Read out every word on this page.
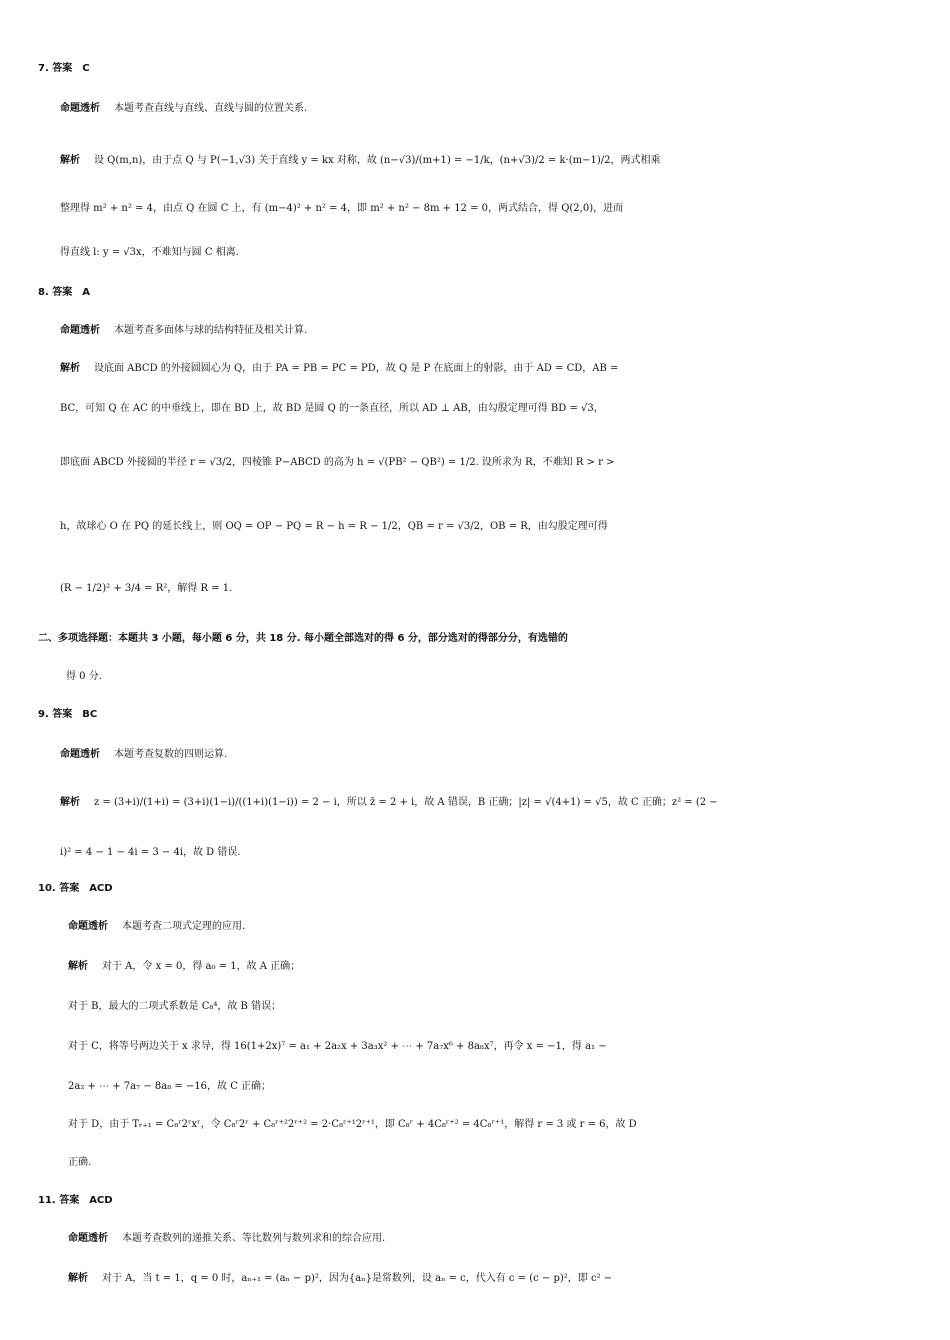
7. 答案　C
命题透析 本题考查直线与直线、直线与圆的位置关系.
解析 设 Q(m,n)，由于点 Q 与 P(−1,√3) 关于直线 y = kx 对称，故 (n−√3)/(m+1) = −1/k，(n+√3)/2 = k·(m−1)/2，两式相乘
整理得 m² + n² = 4，由点 Q 在圆 C 上，有 (m−4)² + n² = 4，即 m² + n² − 8m + 12 = 0，两式结合，得 Q(2,0)，进而
得直线 l: y = √3x，不难知与圆 C 相离.
8. 答案　A
命题透析 本题考查多面体与球的结构特征及相关计算.
解析 设底面 ABCD 的外接圆圆心为 Q，由于 PA = PB = PC = PD，故 Q 是 P 在底面上的射影，由于 AD = CD，AB =
BC，可知 Q 在 AC 的中垂线上，即在 BD 上，故 BD 是圆 Q 的一条直径，所以 AD ⊥ AB，由勾股定理可得 BD = √3，
即底面 ABCD 外接圆的半径 r = √3/2，四棱锥 P−ABCD 的高为 h = √(PB² − QB²) = 1/2. 设所求为 R，不难知 R > r >
h，故球心 O 在 PQ 的延长线上，则 OQ = OP − PQ = R − h = R − 1/2，QB = r = √3/2，OB = R，由勾股定理可得
(R − 1/2)² + 3/4 = R²，解得 R = 1.
二、多项选择题：本题共 3 小题，每小题 6 分，共 18 分. 每小题全部选对的得 6 分，部分选对的得部分分，有选错的
得 0 分.
9. 答案　BC
命题透析 本题考查复数的四则运算.
解析 z = (3+i)/(1+i) = (3+i)(1−i)/((1+i)(1−i)) = 2 − i，所以 z̄ = 2 + i，故 A 错误，B 正确；|z| = √(4+1) = √5，故 C 正确；z² = (2 −
i)² = 4 − 1 − 4i = 3 − 4i，故 D 错误.
10. 答案　ACD
命题透析 本题考查二项式定理的应用.
解析 对于 A，令 x = 0，得 a₀ = 1，故 A 正确；
对于 B，最大的二项式系数是 C₈⁴，故 B 错误；
对于 C，将等号两边关于 x 求导，得 16(1+2x)⁷ = a₁ + 2a₂x + 3a₃x² + ⋯ + 7a₇x⁶ + 8a₈x⁷，再令 x = −1，得 a₁ −
2a₂ + ⋯ + 7a₇ − 8a₈ = −16，故 C 正确；
对于 D，由于 Tᵣ₊₁ = C₈ʳ2ʳxʳ，令 C₈ʳ2ʳ + C₈ʳ⁺²2ʳ⁺² = 2·C₈ʳ⁺¹2ʳ⁺¹，即 C₈ʳ + 4C₈ʳ⁺² = 4C₈ʳ⁺¹，解得 r = 3 或 r = 6，故 D
正确.
11. 答案　ACD
命题透析 本题考查数列的递推关系、等比数列与数列求和的综合应用.
解析 对于 A，当 t = 1，q = 0 时，aₙ₊₁ = (aₙ − p)²，因为{aₙ}是常数列，设 aₙ = c，代入有 c = (c − p)²，即 c² −
